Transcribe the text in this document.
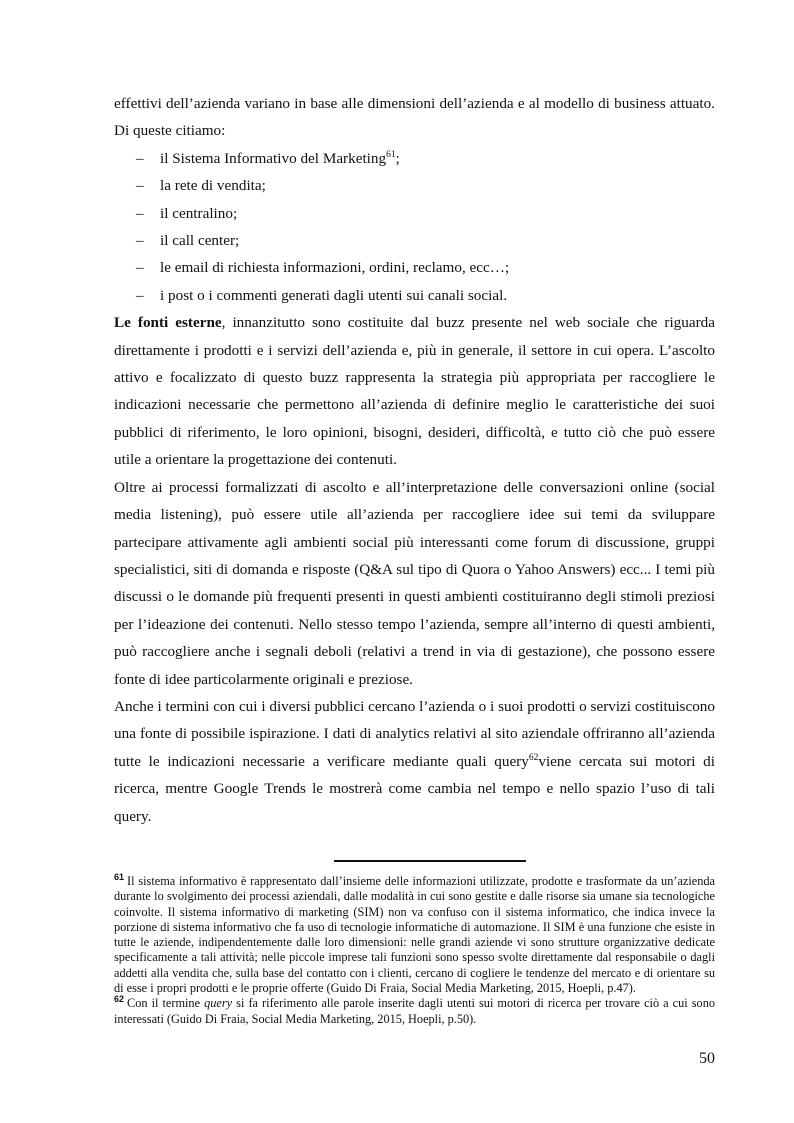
effettivi dell’azienda variano in base alle dimensioni dell’azienda e al modello di business attuato. Di queste citiamo:

– il Sistema Informativo del Marketing$^{61}$;
– la rete di vendita;
– il centralino;
– il call center;
– le email di richiesta informazioni, ordini, reclamo, ecc…;
– i post o i commenti generati dagli utenti sui canali social.

Le fonti esterne, innanzitutto sono costituite dal buzz presente nel web sociale che riguarda direttamente i prodotti e i servizi dell’azienda e, più in generale, il settore in cui opera. L’ascolto attivo e focalizzato di questo buzz rappresenta la strategia più appropriata per raccogliere le indicazioni necessarie che permettono all’azienda di definire meglio le caratteristiche dei suoi pubblici di riferimento, le loro opinioni, bisogni, desideri, difficoltà, e tutto ciò che può essere utile a orientare la progettazione dei contenuti.

Oltre ai processi formalizzati di ascolto e all’interpretazione delle conversazioni online (social media listening), può essere utile all’azienda per raccogliere idee sui temi da sviluppare partecipare attivamente agli ambienti social più interessanti come forum di discussione, gruppi specialistici, siti di domanda e risposte (Q&A sul tipo di Quora o Yahoo Answers) ecc... I temi più discussi o le domande più frequenti presenti in questi ambienti costituiranno degli stimoli preziosi per l’ideazione dei contenuti. Nello stesso tempo l’azienda, sempre all’interno di questi ambienti, può raccogliere anche i segnali deboli (relativi a trend in via di gestazione), che possono essere fonte di idee particolarmente originali e preziose.

Anche i termini con cui i diversi pubblici cercano l’azienda o i suoi prodotti o servizi costituiscono una fonte di possibile ispirazione. I dati di analytics relativi al sito aziendale offriranno all’azienda tutte le indicazioni necessarie a verificare mediante quali query$^{62}$viene cercata sui motori di ricerca, mentre Google Trends le mostrerà come cambia nel tempo e nello spazio l’uso di tali query.

$^{61}$ Il sistema informativo è rappresentato dall’insieme delle informazioni utilizzate, prodotte e trasformate da un’azienda durante lo svolgimento dei processi aziendali, dalle modalità in cui sono gestite e dalle risorse sia umane sia tecnologiche coinvolte. Il sistema informativo di marketing (SIM) non va confuso con il sistema informatico, che indica invece la porzione di sistema informativo che fa uso di tecnologie informatiche di automazione. Il SIM è una funzione che esiste in tutte le aziende, indipendentemente dalle loro dimensioni: nelle grandi aziende vi sono strutture organizzative dedicate specificamente a tali attività; nelle piccole imprese tali funzioni sono spesso svolte direttamente dal responsabile o dagli addetti alla vendita che, sulla base del contatto con i clienti, cercano di cogliere le tendenze del mercato e di orientare su di esse i propri prodotti e le proprie offerte (Guido Di Fraia, Social Media Marketing, 2015, Hoepli, p.47).

$^{62}$ Con il termine query si fa riferimento alle parole inserite dagli utenti sui motori di ricerca per trovare ciò a cui sono interessati (Guido Di Fraia, Social Media Marketing, 2015, Hoepli, p.50).

50
